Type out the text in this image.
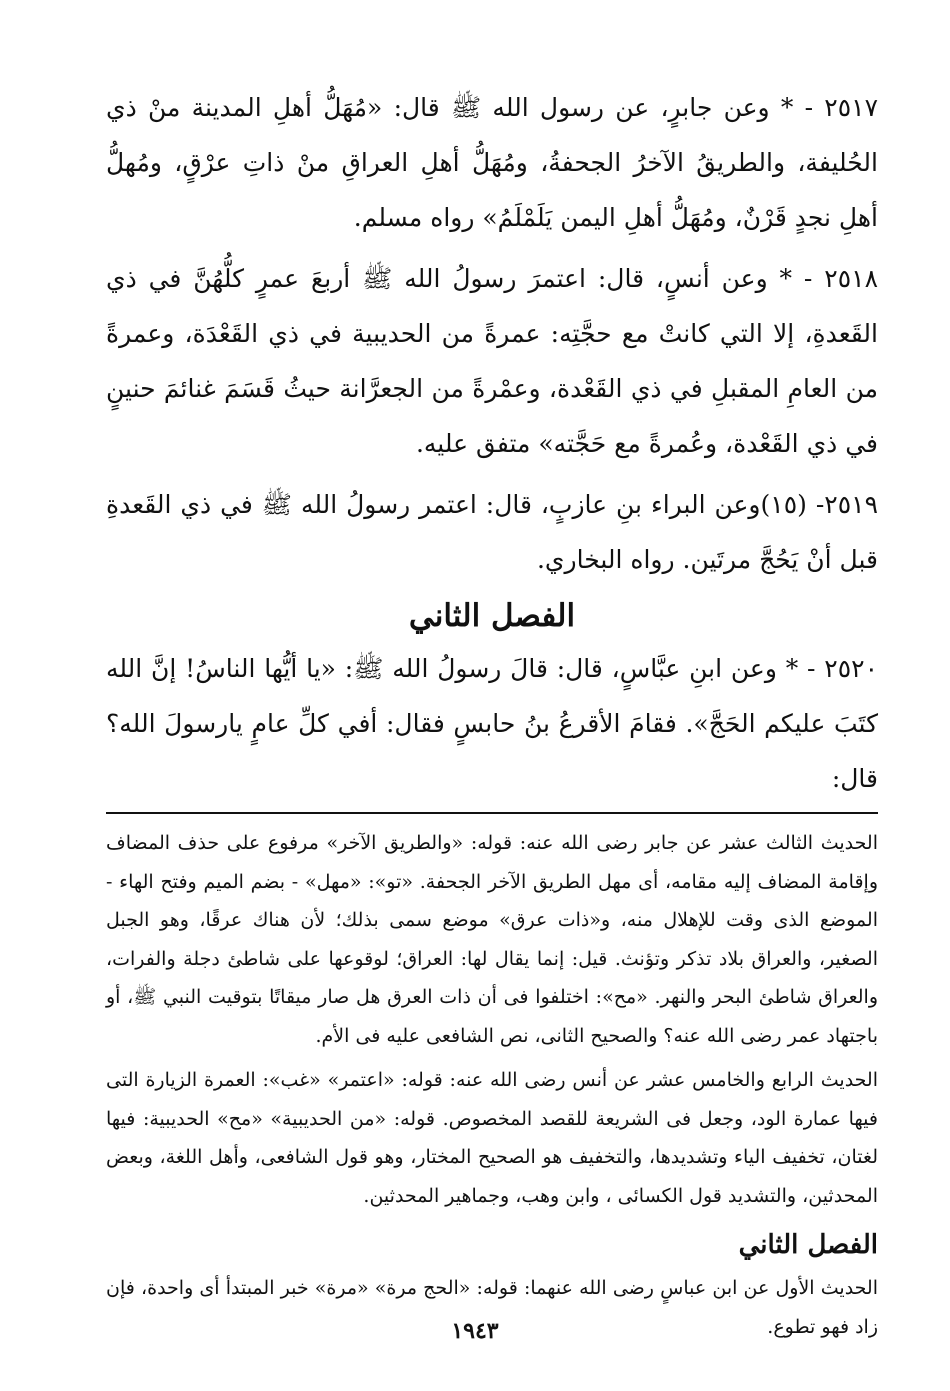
٢٥١٧ - * وعن جابرٍ، عن رسول الله ﷺ قال: «مُهَلُّ أهلِ المدينة منْ ذي الحُليفة، والطريقُ الآخرُ الجحفةُ، ومُهَلُّ أهلِ العراقِ منْ ذاتِ عرْقٍ، ومُهلُّ أهلِ نجدٍ قَرْنٌ، ومُهَلُّ أهلِ اليمن يَلَمْلَمُ» رواه مسلم.

٢٥١٨ - * وعن أنسٍ، قال: اعتمرَ رسولُ الله ﷺ أربعَ عمرٍ كلُّهُنَّ في ذي القَعدةِ، إلا التي كانتْ مع حجَّتِه: عمرةً من الحديبية في ذي القَعْدَة، وعمرةً من العامِ المقبلِ في ذي القَعْدة، وعمْرةً من الجعرَّانة حيثُ قَسَمَ غنائمَ حنينٍ في ذي القَعْدة، وعُمرةً مع حَجَّته» متفق عليه.

٢٥١٩- (١٥)وعن البراء بنِ عازبٍ، قال: اعتمر رسولُ الله ﷺ في ذي القَعدةِ قبل أنْ يَحُجَّ مرتَين. رواه البخاري.

الفصل الثاني

٢٥٢٠ - * وعن ابنِ عبَّاسٍ، قال: قالَ رسولُ الله ﷺ: «يا أيُّها الناسُ! إنَّ الله كتَبَ عليكم الحَجَّ». فقامَ الأقرعُ بنُ حابسٍ فقال: أفي كلِّ عامٍ يارسولَ الله؟ قال:

الحديث الثالث عشر عن جابر رضى الله عنه: قوله: «والطريق الآخر» مرفوع على حذف المضاف وإقامة المضاف إليه مقامه، أى مهل الطريق الآخر الجحفة. «تو»: «مهل» - بضم الميم وفتح الهاء - الموضع الذى وقت للإهلال منه، و«ذات عرق» موضع سمى بذلك؛ لأن هناك عرقًا، وهو الجبل الصغير، والعراق بلاد تذكر وتؤنث. قيل: إنما يقال لها: العراق؛ لوقوعها على شاطئ دجلة والفرات، والعراق شاطئ البحر والنهر. «مح»: اختلفوا فى أن ذات العرق هل صار ميقاتًا بتوقيت النبي ﷺ، أو باجتهاد عمر رضى الله عنه؟ والصحيح الثانى، نص الشافعى عليه فى الأم.

الحديث الرابع والخامس عشر عن أنس رضى الله عنه: قوله: «اعتمر» «غب»: العمرة الزيارة التى فيها عمارة الود، وجعل فى الشريعة للقصد المخصوص. قوله: «من الحديبية» «مح» الحديبية: فيها لغتان، تخفيف الياء وتشديدها، والتخفيف هو الصحيح المختار، وهو قول الشافعى، وأهل اللغة، وبعض المحدثين، والتشديد قول الكسائى ، وابن وهب، وجماهير المحدثين.

الفصل الثاني

الحديث الأول عن ابن عباسٍ رضى الله عنهما: قوله: «الحج مرة» «مرة» خبر المبتدأ أى واحدة، فإن زاد فهو تطوع.

١٩٤٣
